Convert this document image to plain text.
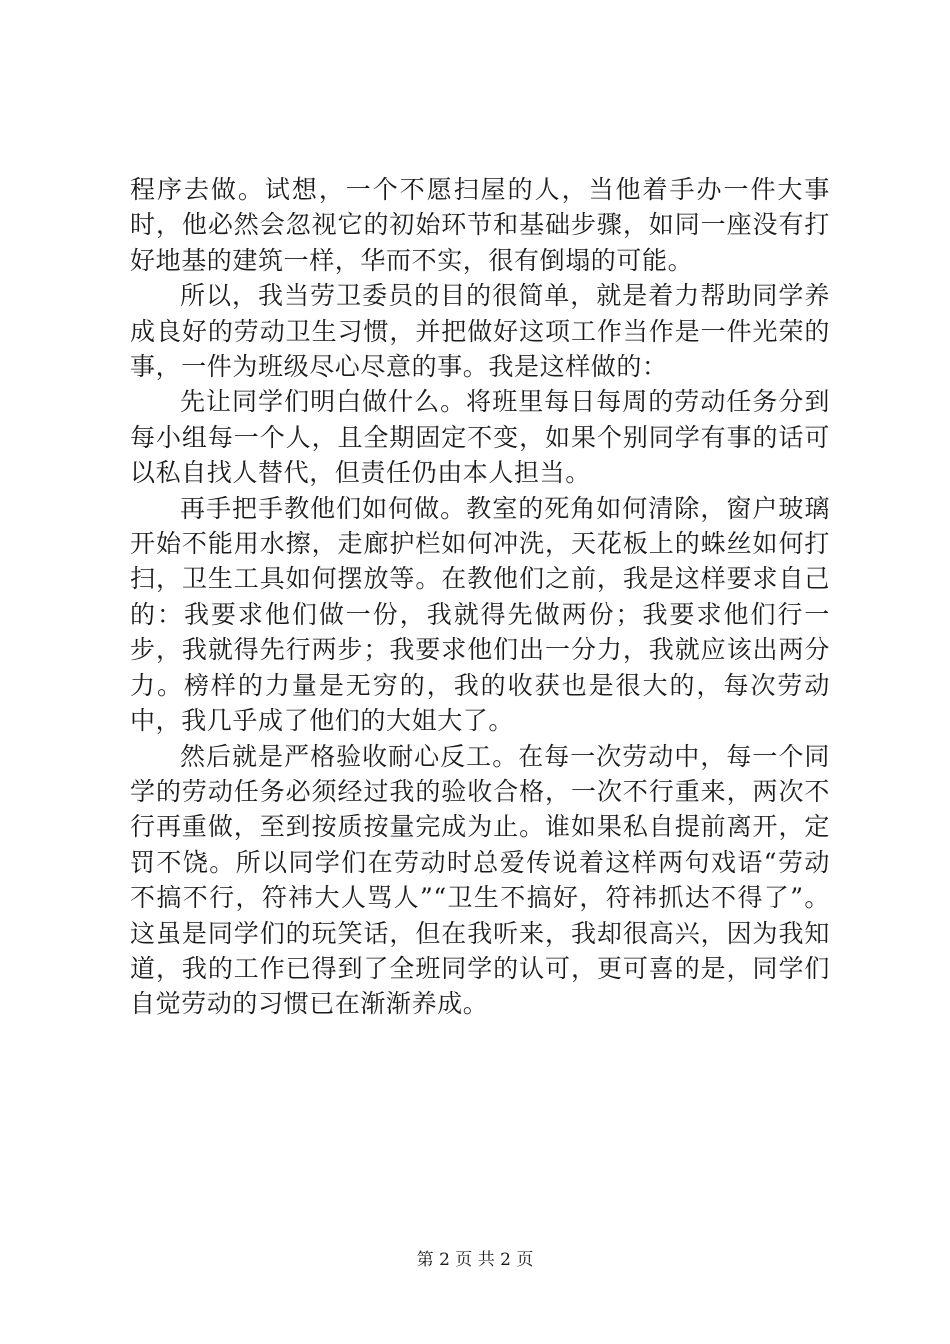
程序去做。试想，一个不愿扫屋的人，当他着手办一件大事时，他必然会忽视它的初始环节和基础步骤，如同一座没有打好地基的建筑一样，华而不实，很有倒塌的可能。

所以，我当劳卫委员的目的很简单，就是着力帮助同学养成良好的劳动卫生习惯，并把做好这项工作当作是一件光荣的事，一件为班级尽心尽意的事。我是这样做的：

先让同学们明白做什么。将班里每日每周的劳动任务分到每小组每一个人，且全期固定不变，如果个别同学有事的话可以私自找人替代，但责任仍由本人担当。

再手把手教他们如何做。教室的死角如何清除，窗户玻璃开始不能用水擦，走廊护栏如何冲洗，天花板上的蛛丝如何打扫，卫生工具如何摆放等。在教他们之前，我是这样要求自己的：我要求他们做一份，我就得先做两份；我要求他们行一步，我就得先行两步；我要求他们出一分力，我就应该出两分力。榜样的力量是无穷的，我的收获也是很大的，每次劳动中，我几乎成了他们的大姐大了。

然后就是严格验收耐心反工。在每一次劳动中，每一个同学的劳动任务必须经过我的验收合格，一次不行重来，两次不行再重做，至到按质按量完成为止。谁如果私自提前离开，定罚不饶。所以同学们在劳动时总爱传说着这样两句戏语“劳动不搞不行，符祎大人骂人”“卫生不搞好，符祎抓达不得了”。这虽是同学们的玩笑话，但在我听来，我却很高兴，因为我知道，我的工作已得到了全班同学的认可，更可喜的是，同学们自觉劳动的习惯已在渐渐养成。

第 2 页 共 2 页
